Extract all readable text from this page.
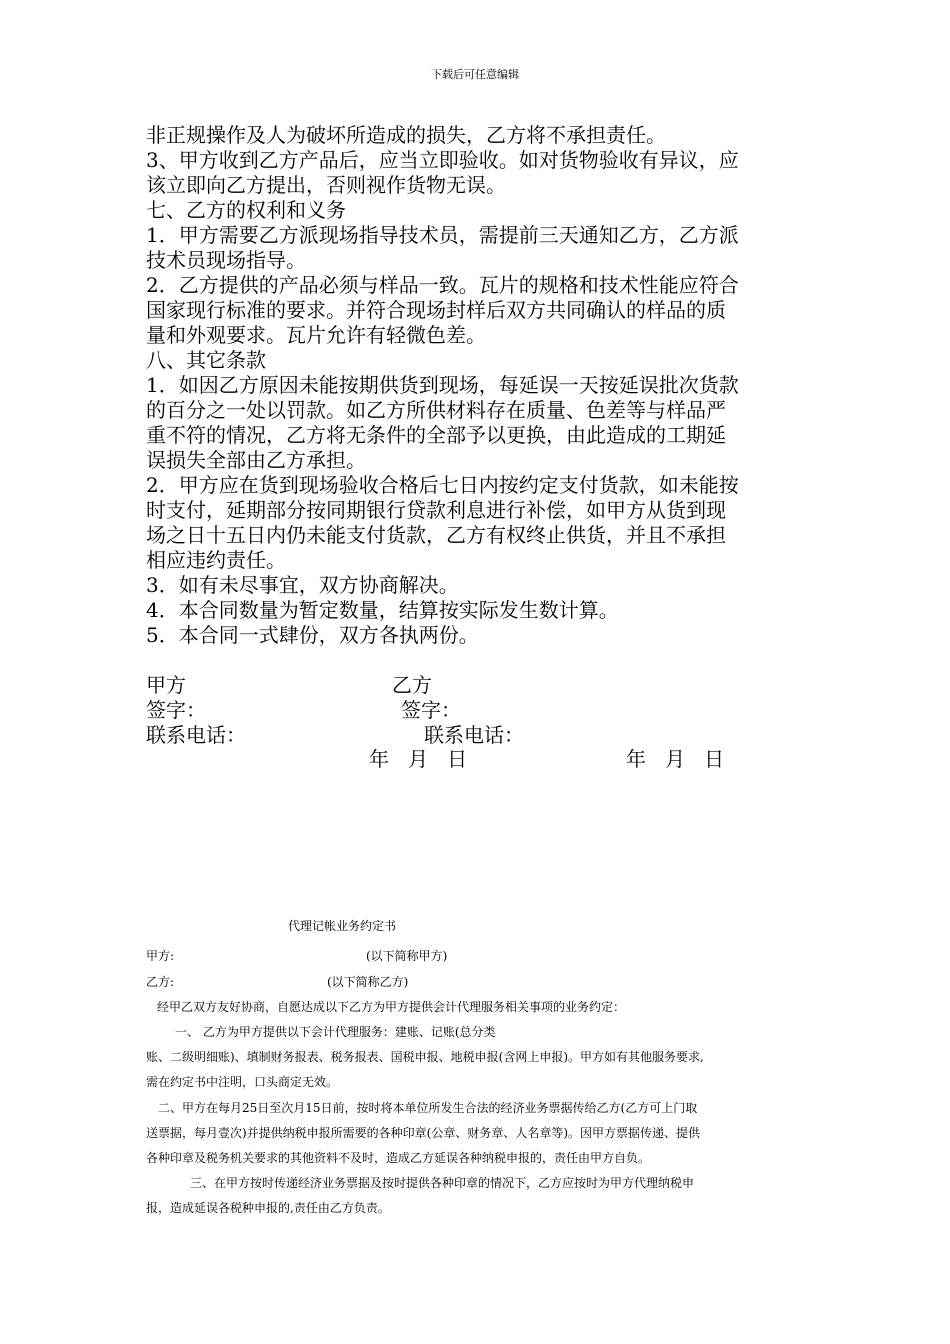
下载后可任意编辑

非正规操作及人为破坏所造成的损失，乙方将不承担责任。

3、甲方收到乙方产品后，应当立即验收。如对货物验收有异议，应

该立即向乙方提出，否则视作货物无误。

七、乙方的权利和义务

1．甲方需要乙方派现场指导技术员，需提前三天通知乙方，乙方派

技术员现场指导。

2．乙方提供的产品必须与样品一致。瓦片的规格和技术性能应符合

国家现行标准的要求。并符合现场封样后双方共同确认的样品的质

量和外观要求。瓦片允许有轻微色差。

八、其它条款

1．如因乙方原因未能按期供货到现场，每延误一天按延误批次货款

的百分之一处以罚款。如乙方所供材料存在质量、色差等与样品严

重不符的情况，乙方将无条件的全部予以更换，由此造成的工期延

误损失全部由乙方承担。

2．甲方应在货到现场验收合格后七日内按约定支付货款，如未能按

时支付，延期部分按同期银行贷款利息进行补偿，如甲方从货到现

场之日十五日内仍未能支付货款，乙方有权终止供货，并且不承担

相应违约责任。

3．如有未尽事宜，双方协商解决。

4．本合同数量为暂定数量，结算按实际发生数计算。

5．本合同一式肆份，双方各执两份。

甲方	乙方
签字：	签字：
联系电话：	联系电话：
年   月   日	年   月   日
代理记帐业务约定书
甲方:	(以下简称甲方)
乙方:	(以下简称乙方)
经甲乙双方友好协商，自愿达成以下乙方为甲方提供会计代理服务相关事项的业务约定：
一、 乙方为甲方提供以下会计代理服务：建账、记账(总分类
账、二级明细账)、填制财务报表、税务报表、国税申报、地税申报(含网上申报)。甲方如有其他服务要求,
需在约定书中注明，口头商定无效。
二、甲方在每月25日至次月15日前，按时将本单位所发生合法的经济业务票据传给乙方(乙方可上门取
送票据，每月壹次)并提供纳税申报所需要的各种印章(公章、财务章、人名章等)。因甲方票据传递、提供
各种印章及税务机关要求的其他资料不及时，造成乙方延误各种纳税申报的，责任由甲方自负。
三、在甲方按时传递经济业务票据及按时提供各种印章的情况下，乙方应按时为甲方代理纳税申
报，造成延误各税种申报的,责任由乙方负责。
